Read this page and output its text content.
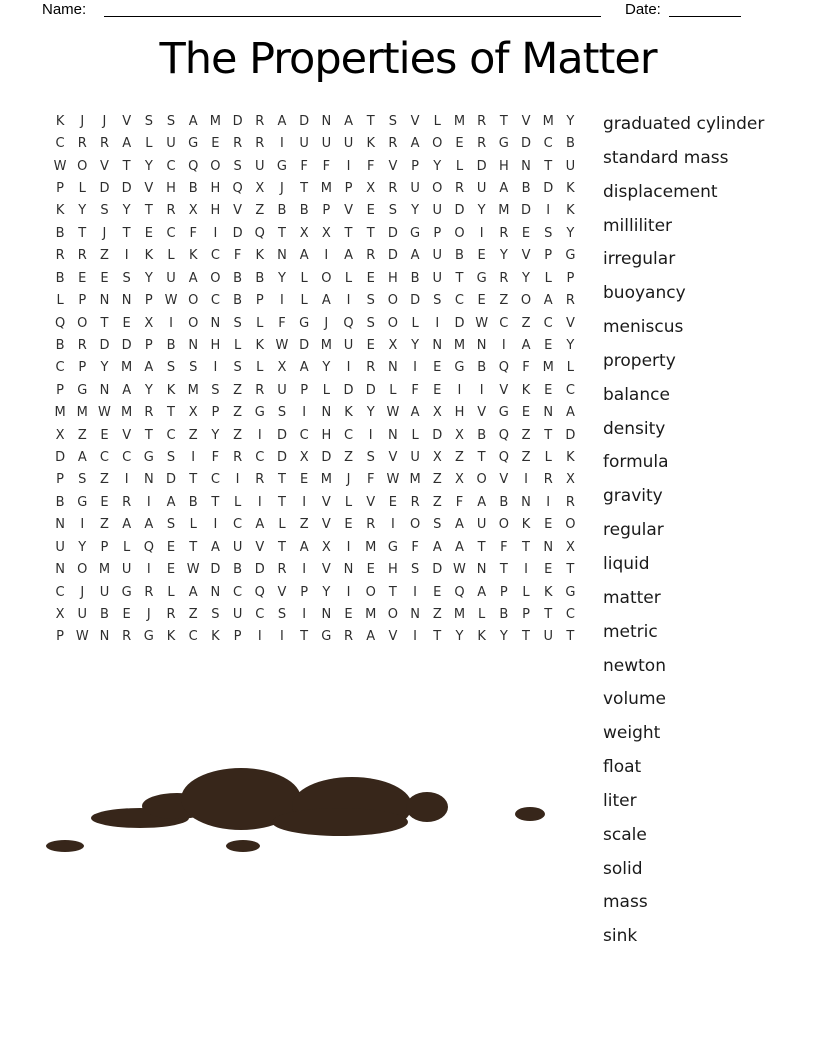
Name:	Date:
The Properties of Matter
K	J	J	V	S	S	A M D R	A D N A	T	S	V	L M R	T	V M Y
C	R	R	A	L	U G	E	R	R	I	U U U	K	R	A O E	R G D C	B
W O V	T	Y	C Q O S	U G	F	F	I	F	V	P	Y	L	D H N	T	U
P	L	D D V H B H Q X	J	T M P	X	R U O R U A	B D K
K	Y	S	Y	T	R	X H V	Z	B	B	P	V	E	S	Y	U D	Y M D	I	K
B	T	J	T	E	C	F	I	D Q	T	X	X	T	T	D G	P	O	I	R	E	S	Y
R	R	Z	I	K	L	K	C	F	K	N A	I	A	R D A U B	E	Y	V	P	G
B	E	E	S	Y	U A O B	B	Y	L	O	L	E	H B U	T	G R	Y	L	P
L	P	N N	P W O C	B	P	I	L	A	I	S O D	S	C	E	Z O A	R
Q O	T	E	X	I	O N	S	L	F	G	J	Q S O	L	I	D W C	Z	C	V
B	R D D	P	B N H	L	K W D M U	E	X	Y	N M N	I	A	E	Y
C	P	Y M A	S	S	I	S	L	X	A	Y	I	R N	I	E	G B Q	F M L
P	G N A	Y	K M S	Z	R U	P	L	D D	L	F	E	I	I	V	K	E	C
M M W M R	T	X	P	Z G	S	I	N	K	Y W A	X H V G	E	N A
X	Z	E	V	T	C	Z	Y	Z	I	D C H C	I	N	L	D X	B Q Z	T	D
D A	C	C G	S	I	F	R	C D X D Z	S	V U X	Z	T	Q Z	L	K
P	S	Z	I	N D	T	C	I	R	T	E M	J	F W M Z	X O V	I	R	X
B G	E	R	I	A	B	T	L	I	T	I	V	L	V	E	R	Z	F	A	B N	I	R
N	I	Z	A	A	S	L	I	C	A	L	Z	V	E	R	I	O S	A U O K	E O
U	Y	P	L	Q E	T	A U V	T	A	X	I	M G	F	A	A	T	F	T	N X
N O M U	I	E W D B D R	I	V N	E	H	S	D W N	T	I	E	T
C	J	U G R	L	A N C Q V	P	Y	I	O	T	I	E Q A	P	L	K G
X U B	E	J	R	Z	S	U C	S	I	N	E M O N Z M L	B	P	T	C
P W N R G K	C	K	P	I	I	T	G R	A	V	I	T	Y	K	Y	T	U	T
graduated cylinder
standard mass
displacement
milliliter
irregular
buoyancy
meniscus
property
balance
density
formula
gravity
regular
liquid
matter
metric
newton
volume
weight
float
liter
scale
solid
mass
sink
